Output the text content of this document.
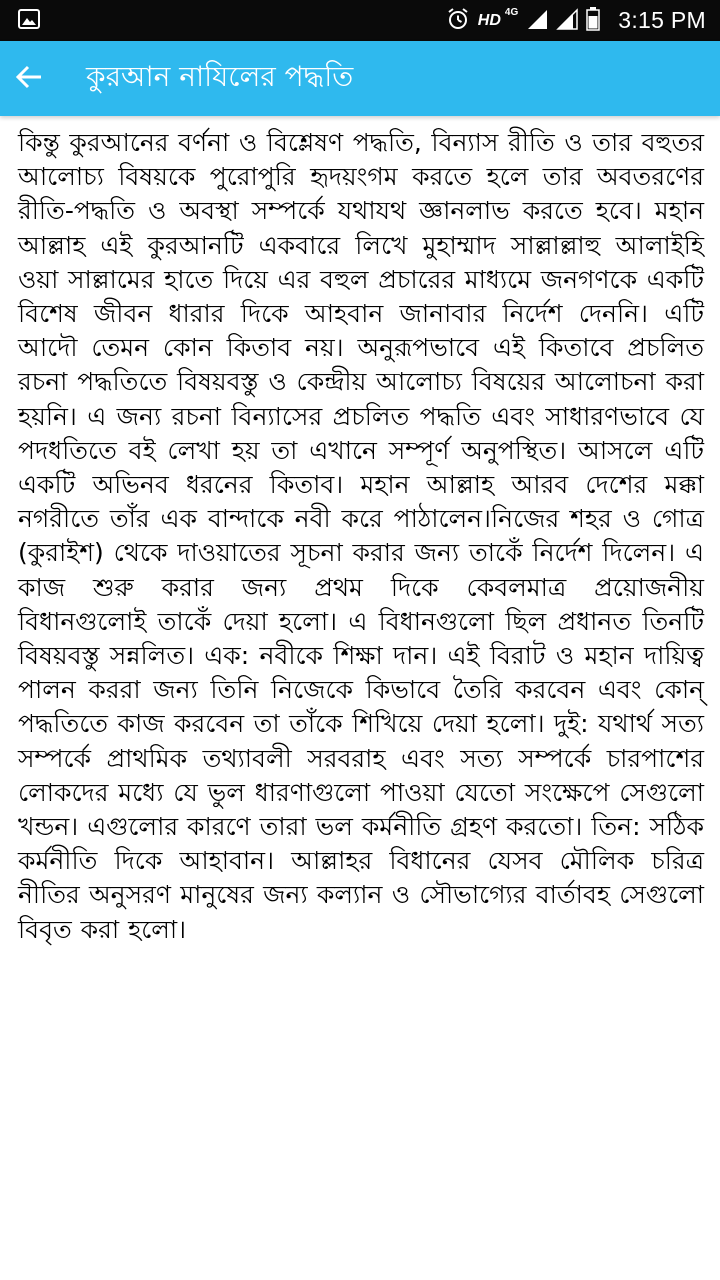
HD 4G	3:15 PM
কুরআন নাযিলের পদ্ধতি
কিন্তু কুরআনের বর্ণনা ও বিশ্লেষণ পদ্ধতি, বিন্যাস রীতি ও তার বহুতর আলোচ্য বিষয়কে পুরোপুরি হৃদয়ংগম করতে হলে তার অবতরণের রীতি-পদ্ধতি ও অবস্থা সম্পর্কে যথাযথ জ্ঞানলাভ করতে হবে। মহান আল্লাহ এই কুরআনটি একবারে লিখে মুহাম্মাদ সাল্লাল্লাহু আলাইহি ওয়া সাল্লামের হাতে দিয়ে এর বহুল প্রচারের মাধ্যমে জনগণকে একটি বিশেষ জীবন ধারার দিকে আহবান জানাবার নির্দেশ দেননি। এটি আদৌ তেমন কোন কিতাব নয়। অনুরূপভাবে এই কিতাবে প্রচলিত রচনা পদ্ধতিতে বিষয়বস্তু ও কেন্দ্রীয় আলোচ্য বিষয়ের আলোচনা করা হয়নি। এ জন্য রচনা বিন্যাসের প্রচলিত পদ্ধতি এবং সাধারণভাবে যে পদধতিতে বই লেখা হয় তা এখানে সম্পূর্ণ অনুপস্থিত। আসলে এটি একটি অভিনব ধরনের কিতাব। মহান আল্লাহ আরব দেশের মক্কা নগরীতে তাঁর এক বান্দাকে নবী করে পাঠালেন।নিজের শহর ও গোত্র (কুরাইশ) থেকে দাওয়াতের সূচনা করার জন্য তাকেঁ নির্দেশ দিলেন। এ কাজ শুরু করার জন্য প্রথম দিকে কেবলমাত্র প্রয়োজনীয় বিধানগুলোই তাকেঁ দেয়া হলো। এ বিধানগুলো ছিল প্রধানত তিনটি বিষয়বস্তু সন্নলিত। এক: নবীকে শিক্ষা দান। এই বিরাট ও মহান দায়িত্ব পালন কররা জন্য তিনি নিজেকে কিভাবে তৈরি করবেন এবং কোন্ পদ্ধতিতে কাজ করবেন তা তাঁকে শিখিয়ে দেয়া হলো। দুই: যথার্থ সত্য সম্পর্কে প্রাথমিক তথ্যাবলী সরবরাহ এবং সত্য সম্পর্কে চারপাশের লোকদের মধ্যে যে ভুল ধারণাগুলো পাওয়া যেতো সংক্ষেপে সেগুলো খন্ডন। এগুলোর কারণে তারা ভল কর্মনীতি গ্রহণ করতো। তিন: সঠিক কর্মনীতি দিকে আহাবান। আল্লাহর বিধানের যেসব মৌলিক চরিত্র নীতির অনুসরণ মানুষের জন্য কল্যান ও সৌভাগ্যের বার্তাবহ সেগুলো বিবৃত করা হলো।
